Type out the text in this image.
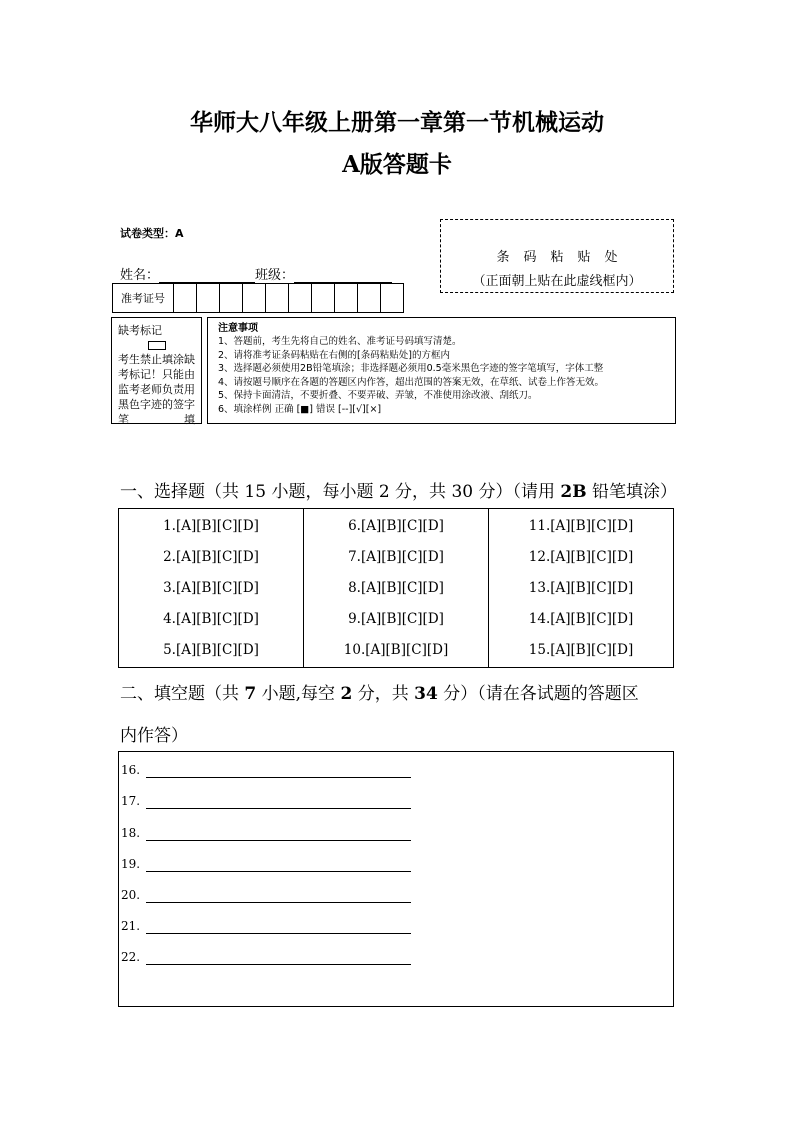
华师大八年级上册第一章第一节机械运动
A版答题卡
试卷类型：A
姓名：	班级：
条码粘贴处
（正面朝上贴在此虚线框内）
准考证号
缺考标记
考生禁止填涂缺考标记！只能由监考老师负责用黑色字迹的签字笔填
注意事项
1、答题前，考生先将自己的姓名、准考证号码填写清楚。
2、请将准考证条码粘贴在右侧的[条码粘贴处]的方框内
3、选择题必须使用2B铅笔填涂；非选择题必须用0.5毫米黑色字迹的签字笔填写，字体工整
4、请按题号顺序在各题的答题区内作答，超出范围的答案无效，在草纸、试卷上作答无效。
5、保持卡面清洁，不要折叠、不要弄破、弄皱，不准使用涂改液、刮纸刀。
6、填涂样例 正确 [■] 错误 [--][√][×]
一、选择题（共 15 小题，每小题 2 分，共 30 分）（请用 2B 铅笔填涂）
1.[A][B][C][D]
2.[A][B][C][D]
3.[A][B][C][D]
4.[A][B][C][D]
5.[A][B][C][D]
6.[A][B][C][D]
7.[A][B][C][D]
8.[A][B][C][D]
9.[A][B][C][D]
10.[A][B][C][D]
11.[A][B][C][D]
12.[A][B][C][D]
13.[A][B][C][D]
14.[A][B][C][D]
15.[A][B][C][D]
二、填空题（共 7 小题,每空 2 分，共 34 分）（请在各试题的答题区
内作答）
16.
17.
18.
19.
20.
21.
22.
